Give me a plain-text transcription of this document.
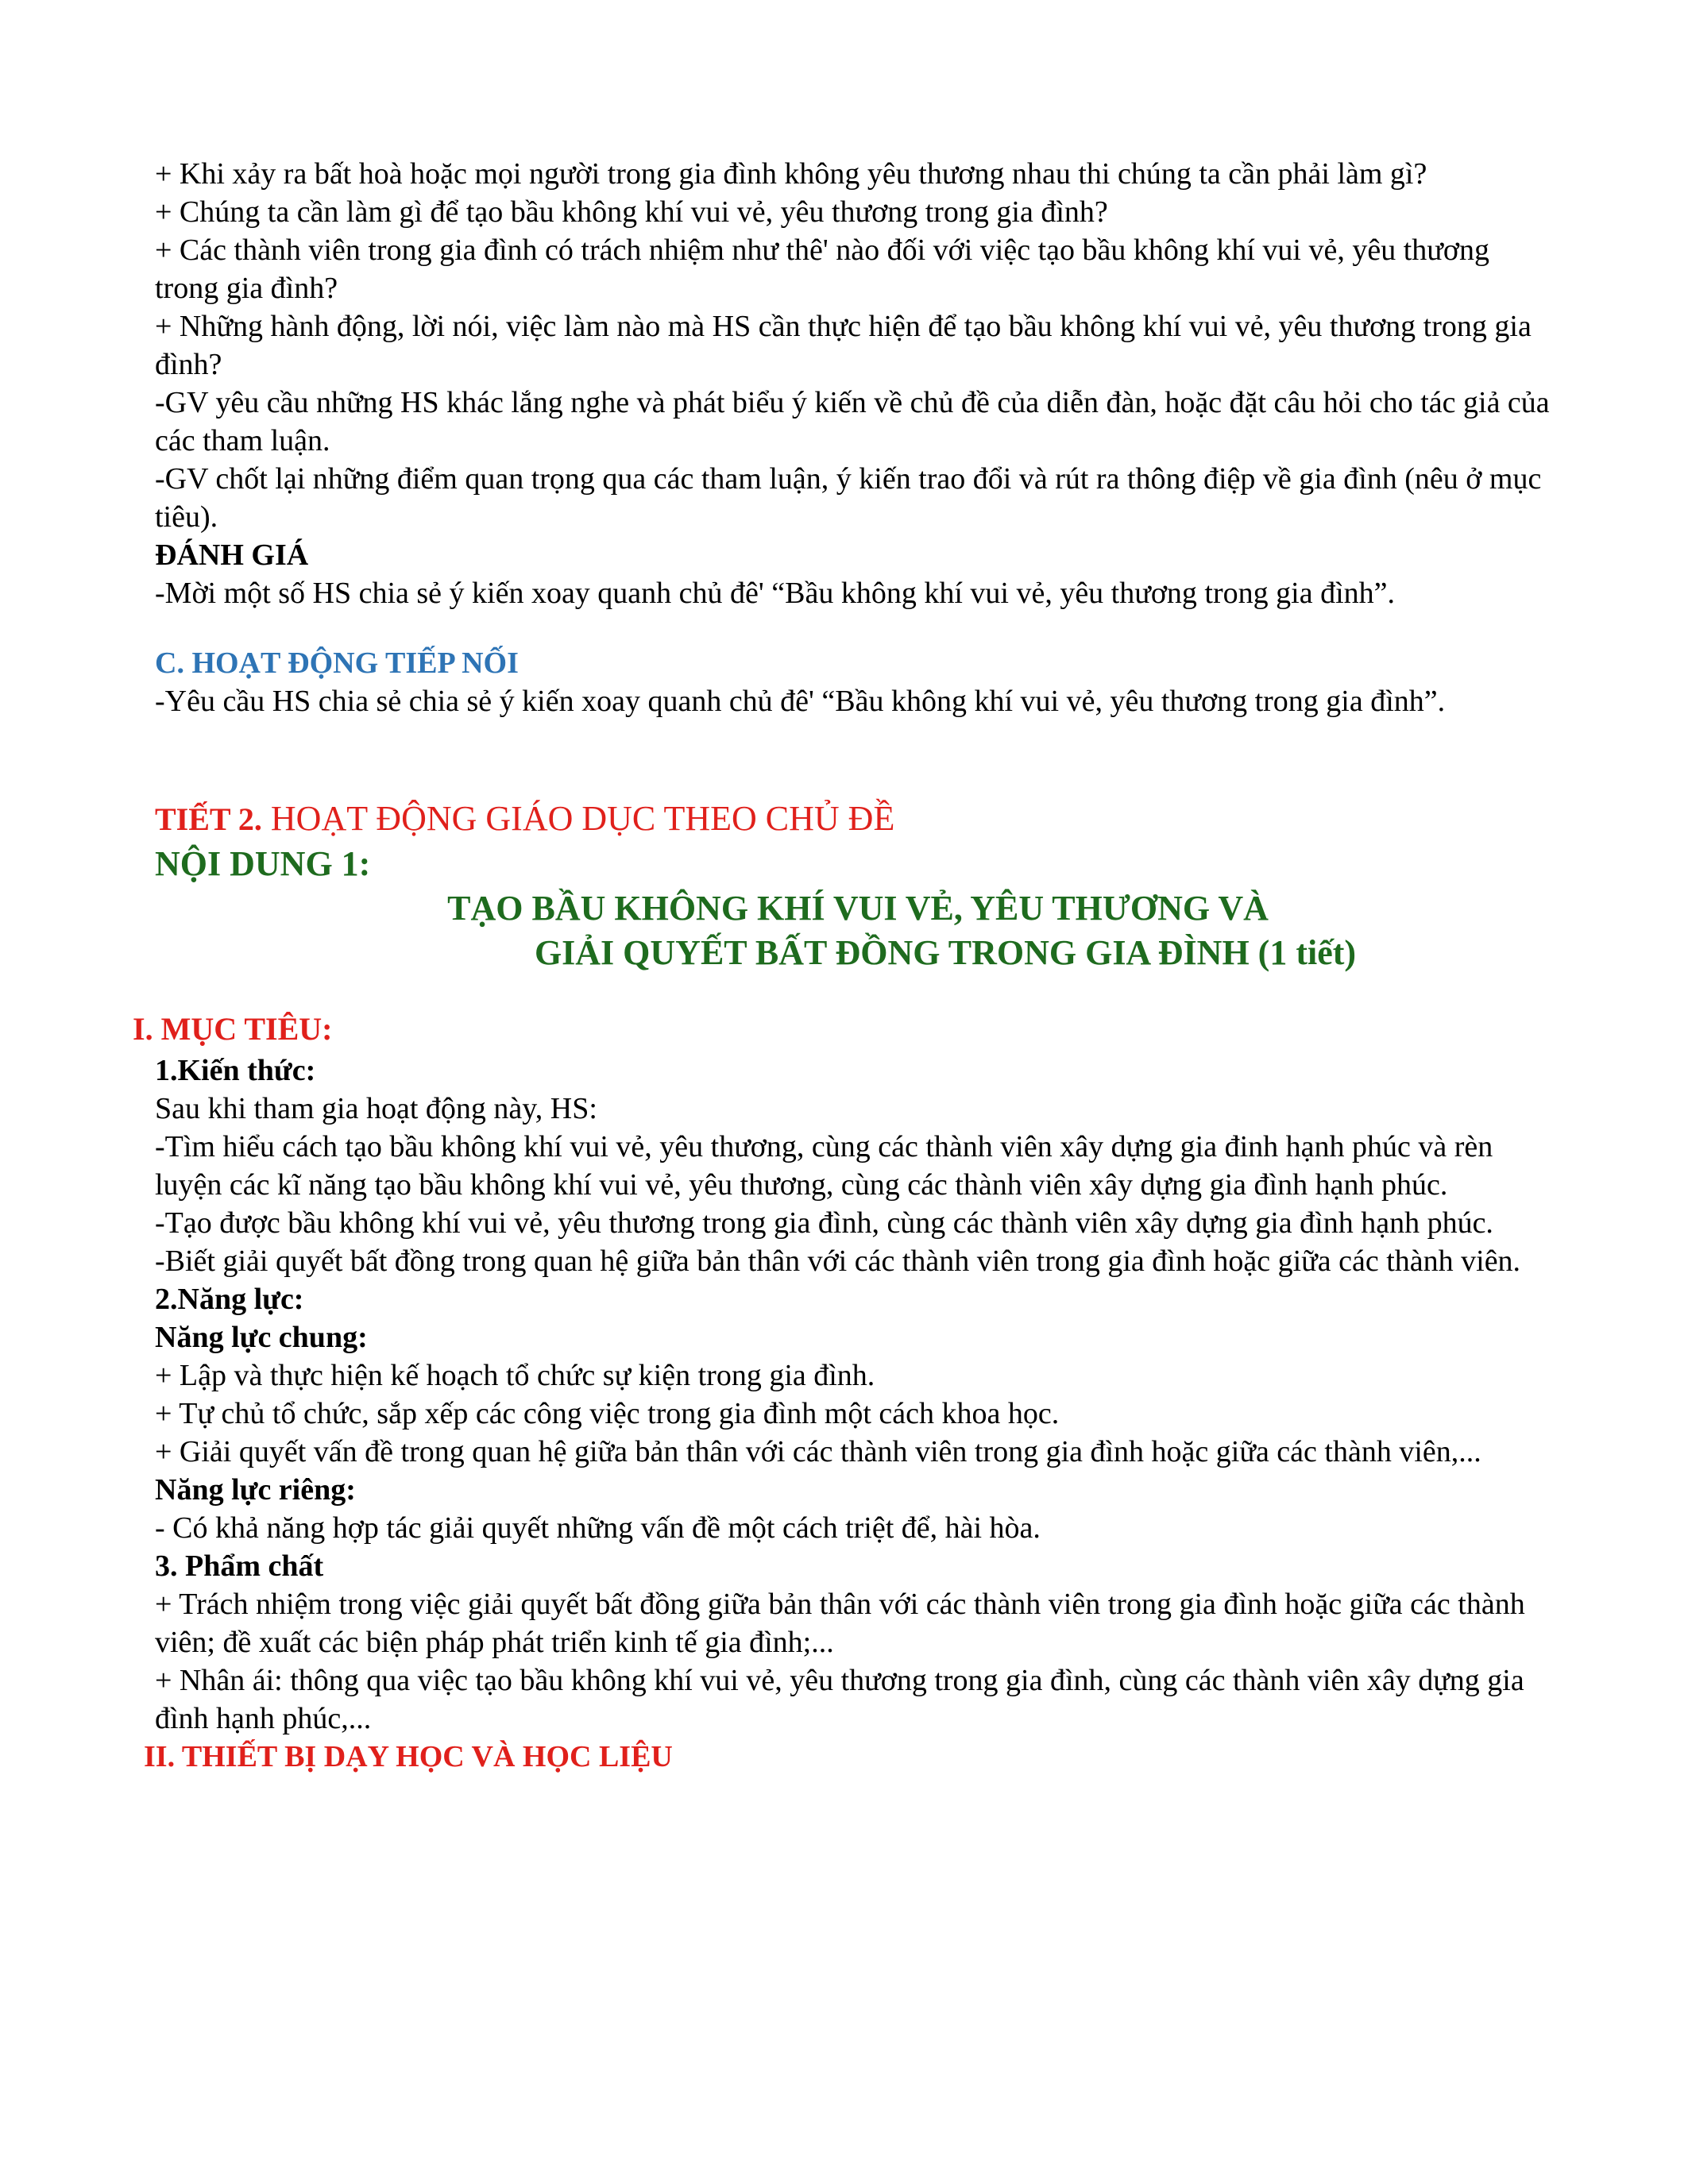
+ Khi xảy ra bất hoà hoặc mọi người trong gia đình không yêu thương nhau thi chúng ta cần phải làm gì?

+ Chúng ta cần làm gì để tạo bầu không khí vui vẻ, yêu thương trong gia đình?

+ Các thành viên trong gia đình có trách nhiệm như thê' nào đối với việc tạo bầu không khí vui vẻ, yêu thương trong gia đình?

+ Những hành động, lời nói, việc làm nào mà HS cần thực hiện để tạo bầu không khí vui vẻ, yêu thương trong gia đình?

-GV yêu cầu những HS khác lắng nghe và phát biểu ý kiến về chủ đề của diễn đàn, hoặc đặt câu hỏi cho tác giả của các tham luận.

-GV chốt lại những điểm quan trọng qua các tham luận, ý kiến trao đổi và rút ra thông điệp về gia đình (nêu ở mục tiêu).

ĐÁNH GIÁ

-Mời một số HS chia sẻ ý kiến xoay quanh chủ đê' “Bầu không khí vui vẻ, yêu thương trong gia đình”.

C. HOẠT ĐỘNG TIẾP NỐI

-Yêu cầu HS chia sẻ chia sẻ ý kiến xoay quanh chủ đê' “Bầu không khí vui vẻ, yêu thương trong gia đình”.

TIẾT 2. HOẠT ĐỘNG GIÁO DỤC THEO CHỦ ĐỀ

NỘI DUNG 1:

TẠO BẦU KHÔNG KHÍ VUI VẺ, YÊU THƯƠNG VÀ
GIẢI QUYẾT BẤT ĐỒNG TRONG GIA ĐÌNH (1 tiết)

I. MỤC TIÊU:

1.Kiến thức:

Sau khi tham gia hoạt động này, HS:

-Tìm hiểu cách tạo bầu không khí vui vẻ, yêu thương, cùng các thành viên xây dựng gia đinh hạnh phúc và rèn luyện các kĩ năng tạo bầu không khí vui vẻ, yêu thương, cùng các thành viên xây dựng gia đình hạnh phúc.

-Tạo được bầu không khí vui vẻ, yêu thương trong gia đình, cùng các thành viên xây dựng gia đình hạnh phúc.

-Biết giải quyết bất đồng trong quan hệ giữa bản thân với các thành viên trong gia đình hoặc giữa các thành viên.

2.Năng lực:

Năng lực chung:

+ Lập và thực hiện kế hoạch tổ chức sự kiện trong gia đình.

+ Tự chủ tổ chức, sắp xếp các công việc trong gia đình một cách khoa học.

+ Giải quyết vấn đề trong quan hệ giữa bản thân với các thành viên trong gia đình hoặc giữa các thành viên,...

Năng lực riêng:

- Có khả năng hợp tác giải quyết những vấn đề một cách triệt để, hài hòa.

3. Phẩm chất

+ Trách nhiệm trong việc giải quyết bất đồng giữa bản thân với các thành viên trong gia đình hoặc giữa các thành viên; đề xuất các biện pháp phát triển kinh tế gia đình;...

+ Nhân ái: thông qua việc tạo bầu không khí vui vẻ, yêu thương trong gia đình, cùng các thành viên xây dựng gia đình hạnh phúc,...

II. THIẾT BỊ DẠY HỌC VÀ HỌC LIỆU
